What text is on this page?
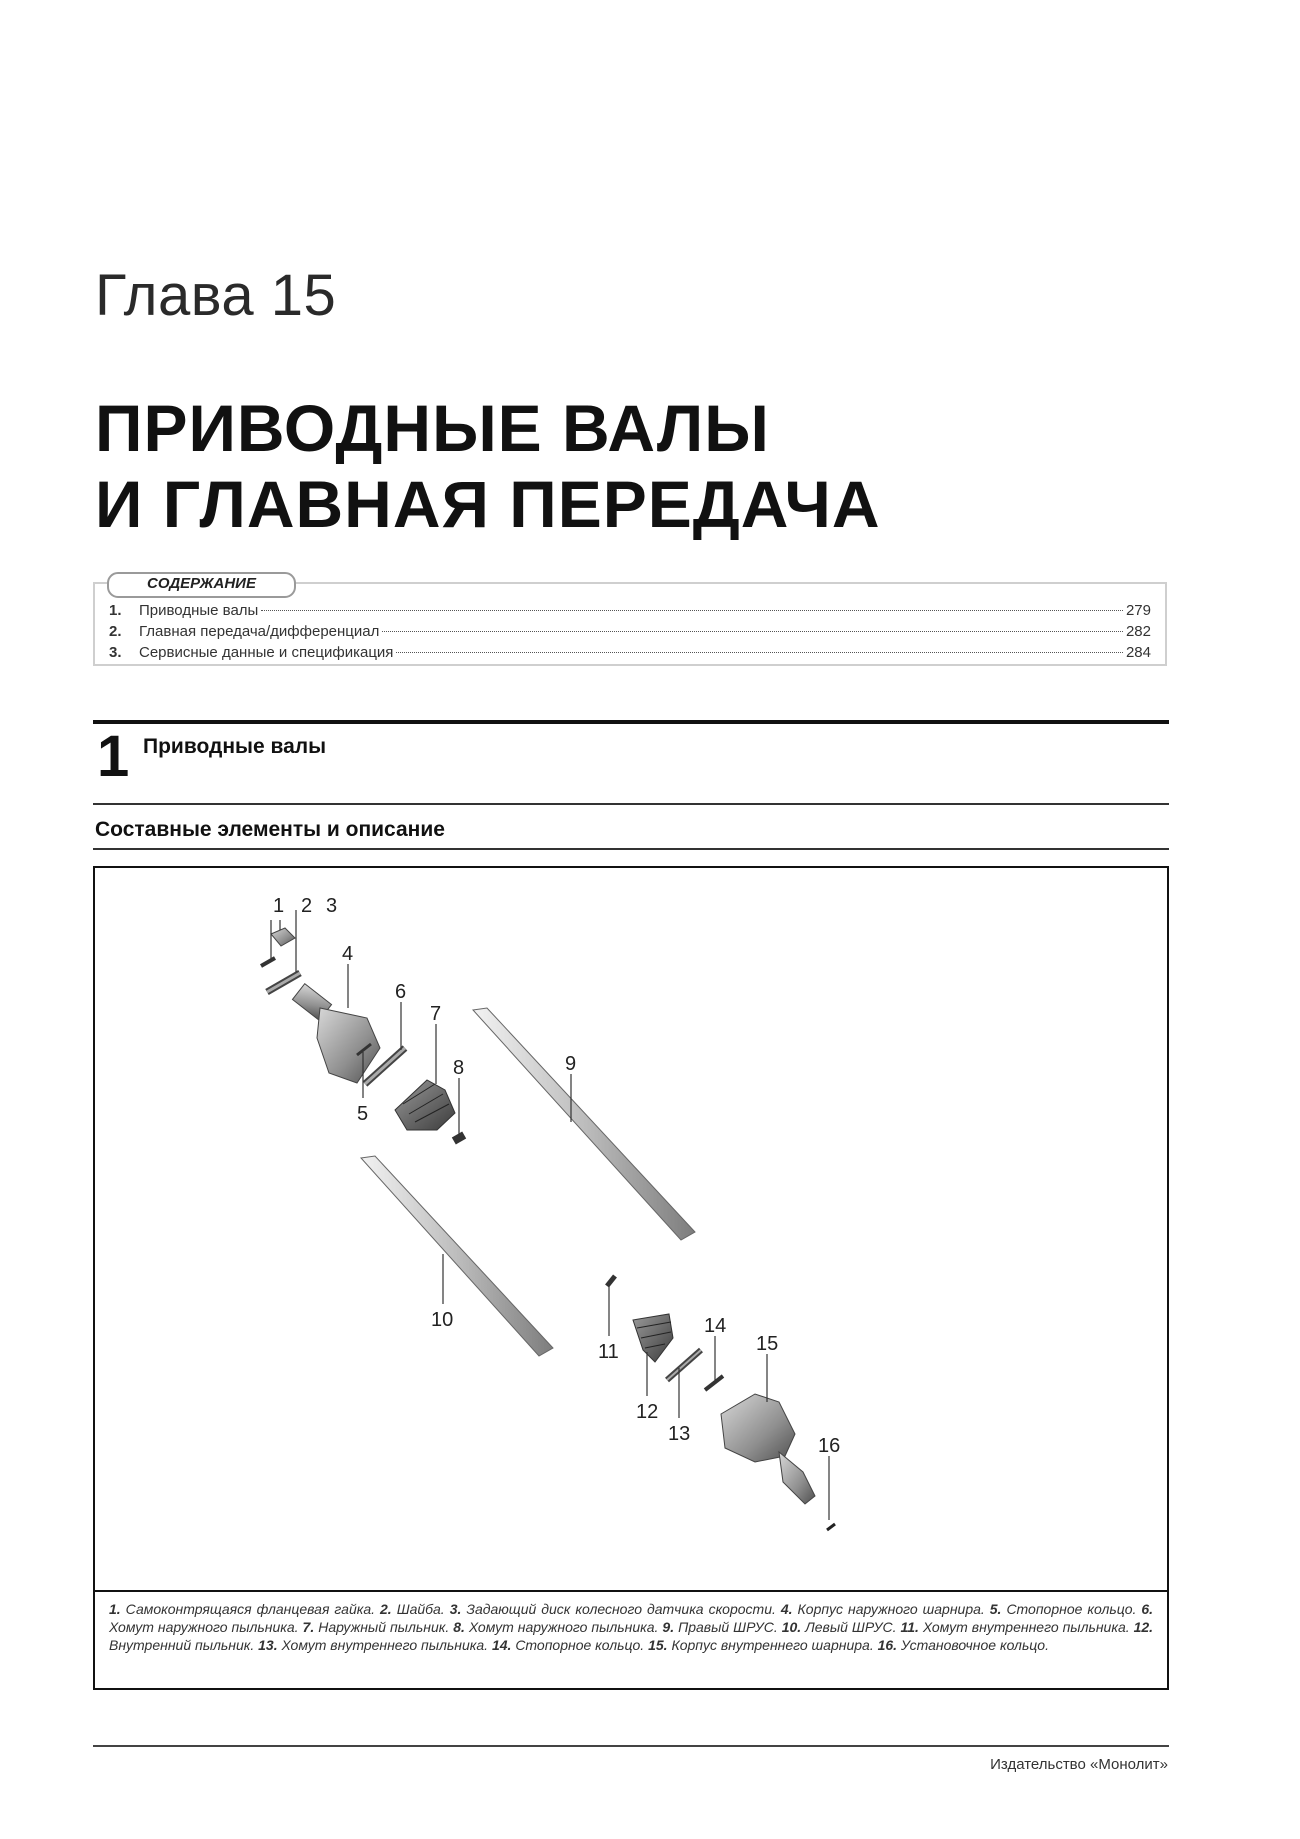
Глава 15
ПРИВОДНЫЕ ВАЛЫ
И ГЛАВНАЯ ПЕРЕДАЧА
СОДЕРЖАНИЕ
1.	Приводные валы	279
2.	Главная передача/дифференциал	282
3.	Сервисные данные и спецификация	284
1 Приводные валы
Составные элементы и описание
1 2 3
4
5
6
7
8	9
10
11
12
13
14
15
16
1. Самоконтрящаяся фланцевая гайка. 2. Шайба. 3. Задающий диск колесного датчика скорости. 4. Корпус наружного шарнира. 5. Стопорное кольцо. 6. Хомут наружного пыльника. 7. Наружный пыльник. 8. Хомут наружного пыльника. 9. Правый ШРУС. 10. Левый ШРУС. 11. Хомут внутреннего пыльника. 12. Внутренний пыльник. 13. Хомут внутреннего пыльника. 14. Стопорное кольцо. 15. Корпус внутреннего шарнира. 16. Установочное кольцо.
Издательство «Монолит»
